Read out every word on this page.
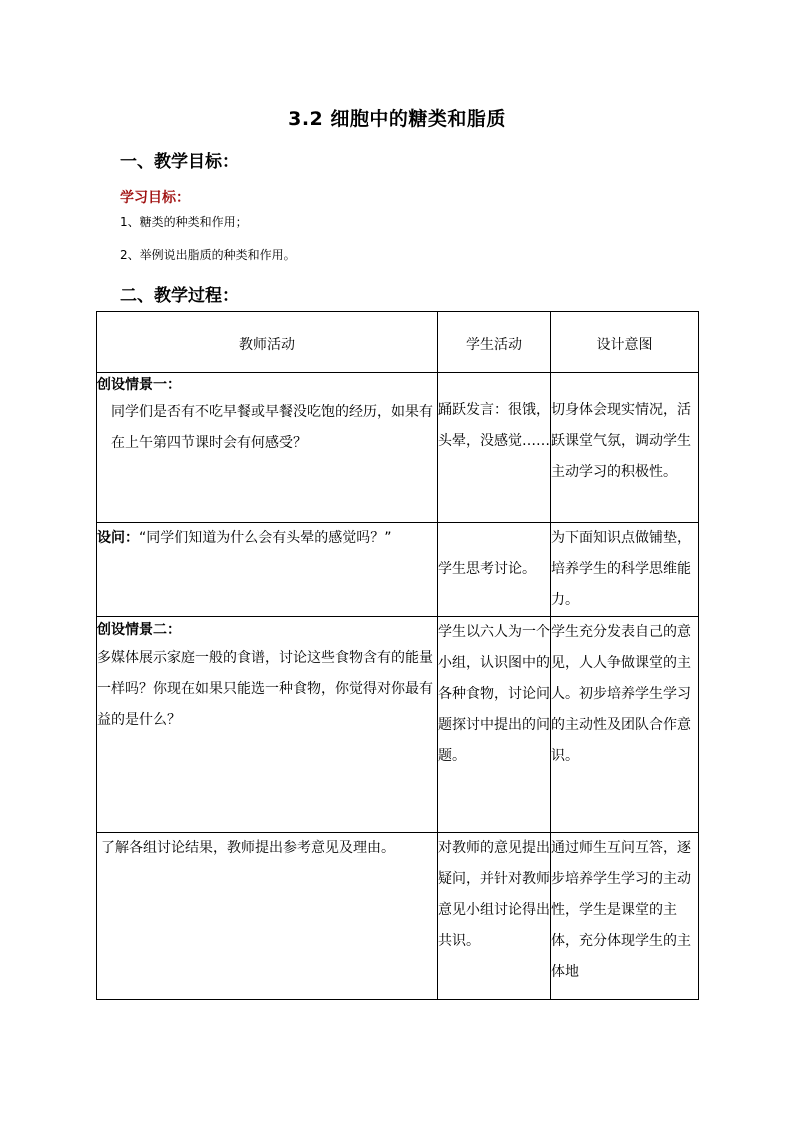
3.2 细胞中的糖类和脂质
一、教学目标：
学习目标：
1、糖类的种类和作用；
2、举例说出脂质的种类和作用。
二、教学过程：
教师活动	学生活动	设计意图

创设情景一：
同学们是否有不吃早餐或早餐没吃饱的经历，如果有在上午第四节课时会有何感受？	踊跃发言：很饿，头晕，没感觉……	切身体会现实情况，活跃课堂气氛，调动学生主动学习的积极性。
设问：“同学们知道为什么会有头晕的感觉吗？”	学生思考讨论。	为下面知识点做铺垫，培养学生的科学思维能力。

创设情景二：
多媒体展示家庭一般的食谱，讨论这些食物含有的能量一样吗？你现在如果只能选一种食物，你觉得对你最有益的是什么？	学生以六人为一个小组，认识图中的各种食物，讨论问题探讨中提出的问题。	学生充分发表自己的意见，人人争做课堂的主人。初步培养学生学习的主动性及团队合作意识。
了解各组讨论结果，教师提出参考意见及理由。	对教师的意见提出疑问，并针对教师意见小组讨论得出共识。	通过师生互问互答，逐步培养学生学习的主动性，学生是课堂的主体，充分体现学生的主体地
